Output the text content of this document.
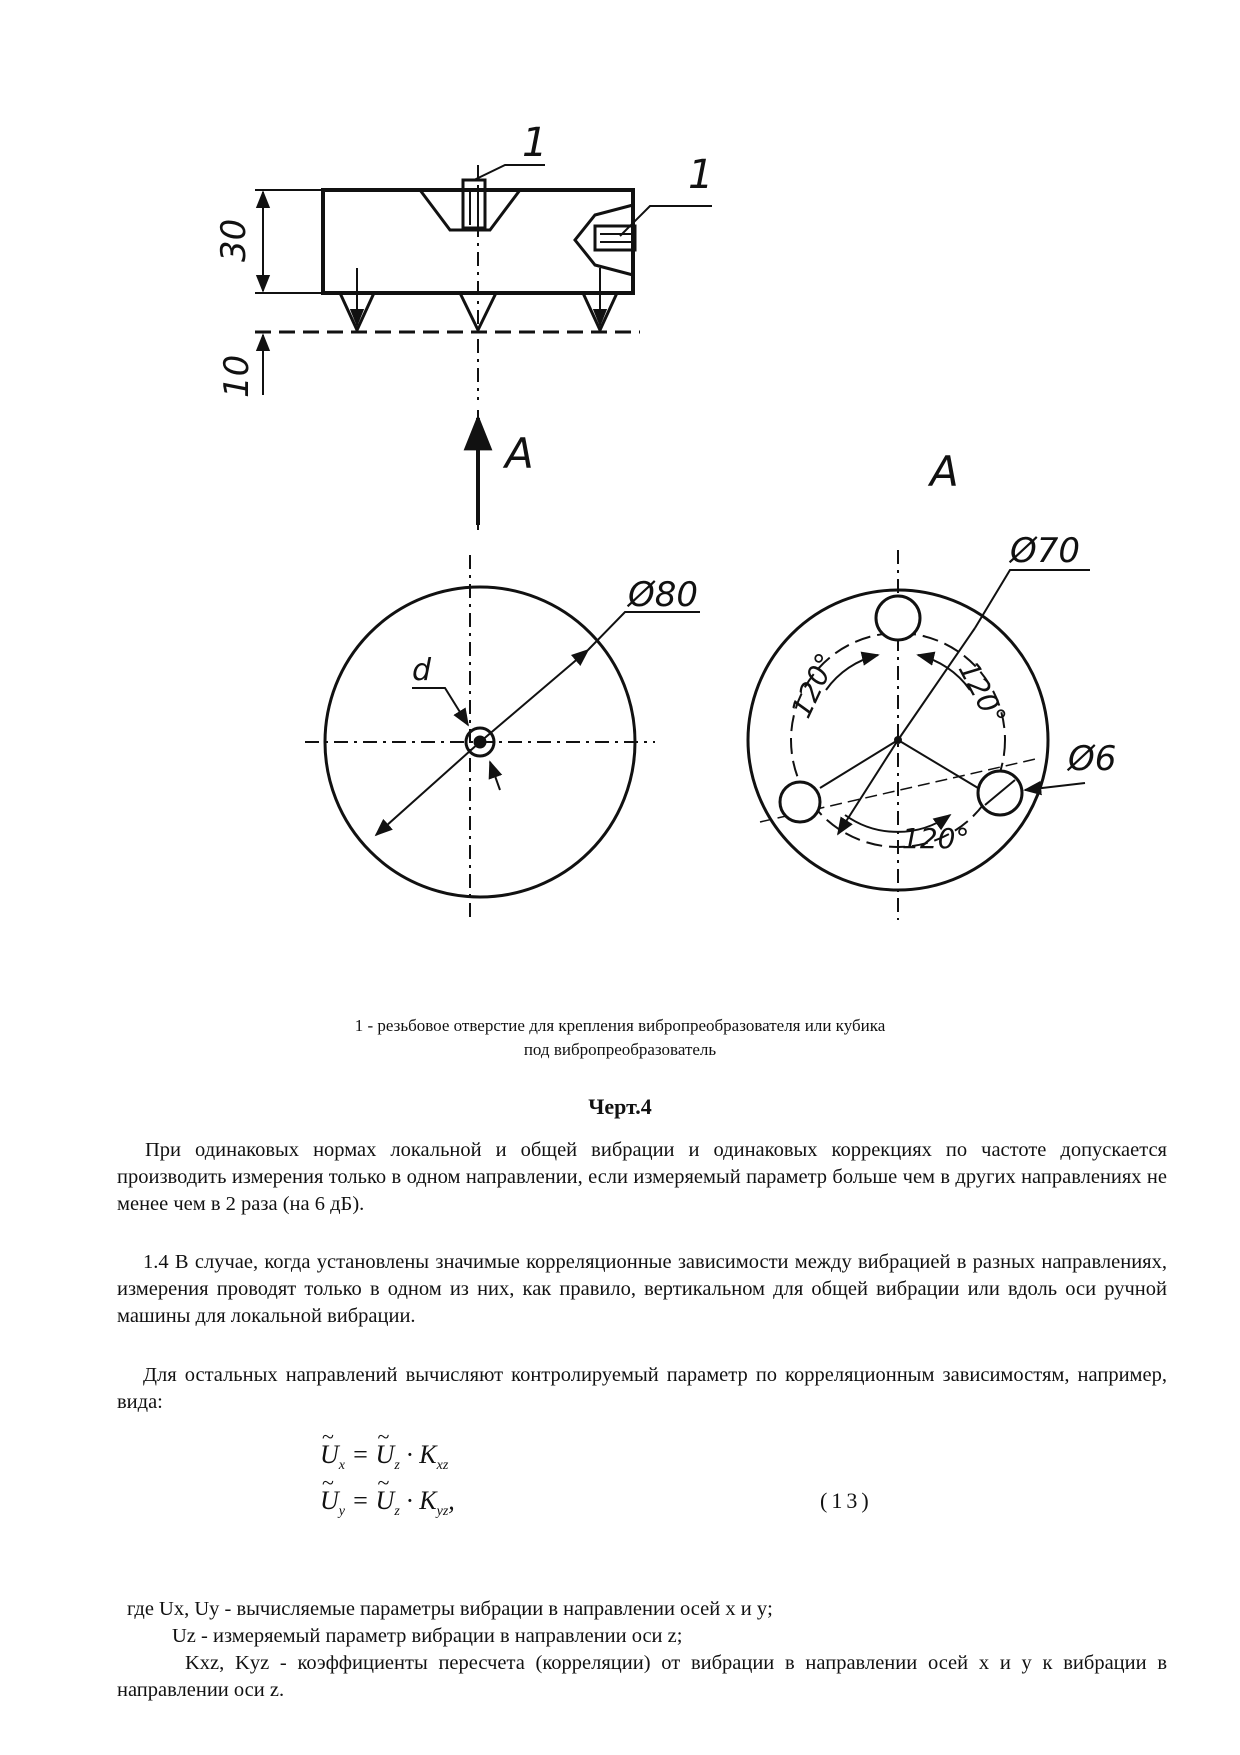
30
10
1
1
A	A
Ø80
d
Ø70
Ø6
120°	120°
120°
1 - резьбовое отверстие для крепления вибропреобразователя или кубика
под вибропреобразователь
Черт.4
При одинаковых нормах локальной и общей вибрации и одинаковых коррекциях по частоте допускается производить измерения только в одном направлении, если измеряемый параметр больше чем в других направлениях не менее чем в 2 раза (на 6 дБ).
1.4 В случае, когда установлены значимые корреляционные зависимости между вибрацией в разных направлениях, измерения проводят только в одном из них, как правило, вертикальном для общей вибрации или вдоль оси ручной машины для локальной вибрации.
Для остальных направлений вычисляют контролируемый параметр по корреляционным зависимостям, например, вида:
~ $U_x$ = ~ $U_z \cdot K_{xz}$
~ $U_y$ = ~ $U_z \cdot K_{yz}$,	(13)
где Ux, Uy - вычисляемые параметры вибрации в направлении осей x и y;
Uz - измеряемый параметр вибрации в направлении оси z;
Kxz, Kyz - коэффициенты пересчета (корреляции) от вибрации в направлении осей x и y к вибрации в направлении оси z.
